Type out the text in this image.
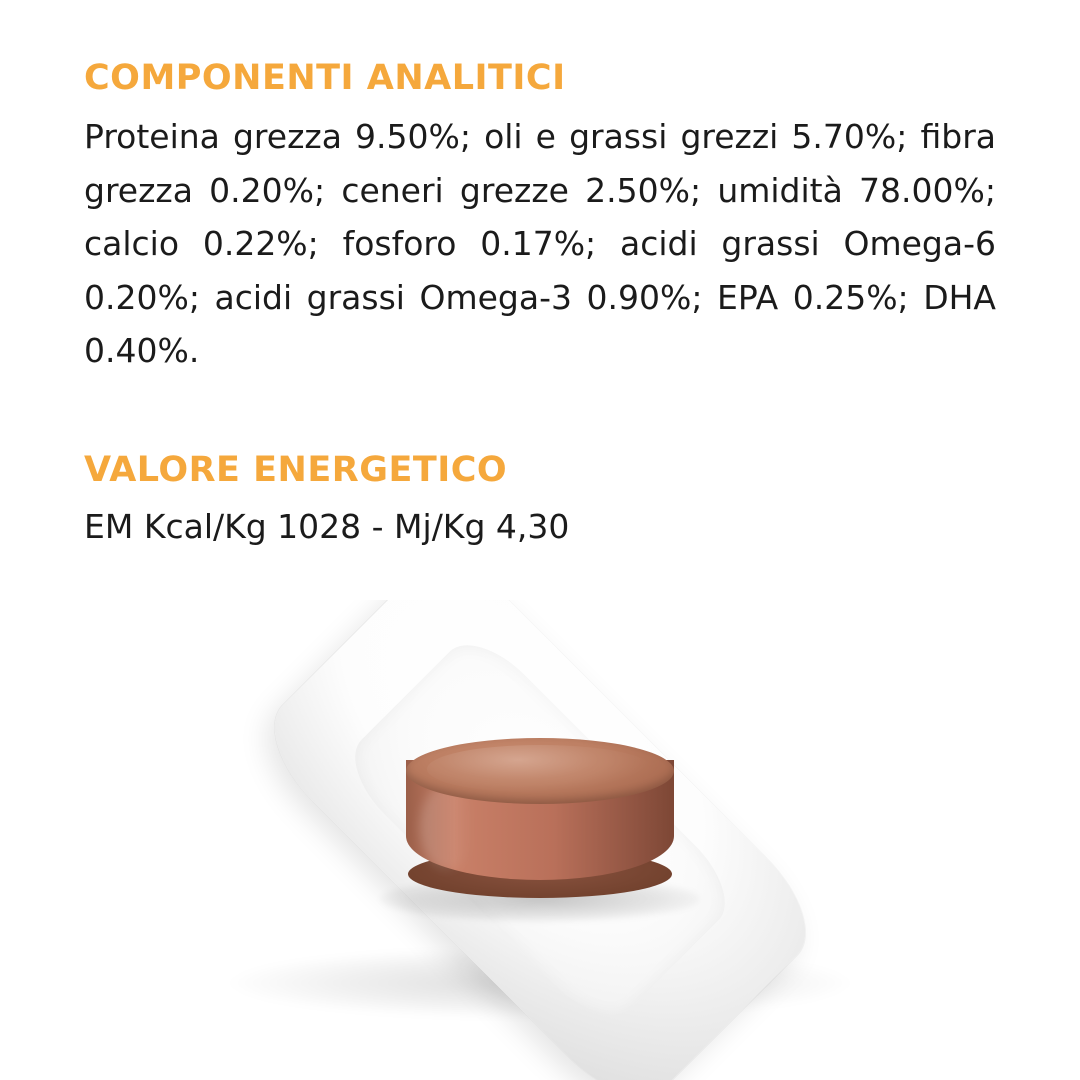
COMPONENTI ANALITICI

Proteina grezza 9.50%; oli e grassi grezzi 5.70%; fibra grezza 0.20%; ceneri grezze 2.50%; umidità 78.00%; calcio 0.22%; fosforo 0.17%; acidi grassi Omega-6 0.20%; acidi grassi Omega-3 0.90%; EPA 0.25%; DHA 0.40%.

VALORE ENERGETICO

EM Kcal/Kg 1028 - Mj/Kg 4,30
